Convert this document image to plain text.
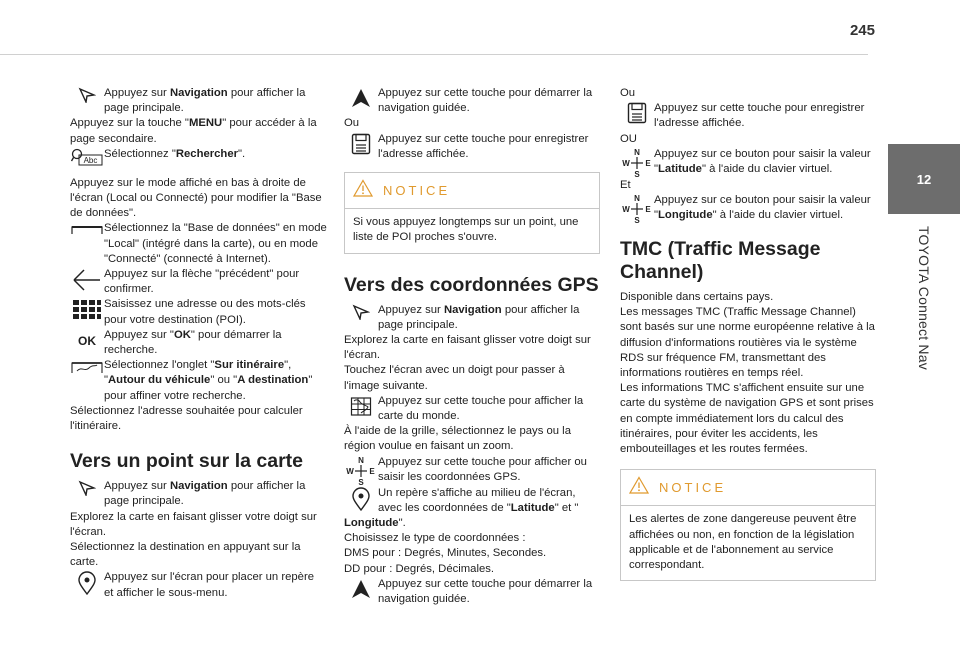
245
12
TOYOTA Connect Nav

Appuyez sur Navigation pour afficher la page principale.

Appuyez sur la touche "MENU" pour accéder à la page secondaire.

Abc

Sélectionnez "Rechercher".

Appuyez sur le mode affiché en bas à droite de l'écran (Local ou Connecté) pour modifier la "Base de données".

Sélectionnez la "Base de données" en mode "Local" (intégré dans la carte), ou en mode "Connecté" (connecté à Internet).

Appuyez sur la flèche "précédent" pour confirmer.

Saisissez une adresse ou des mots-clés pour votre destination (POI).

OK Appuyez sur "OK" pour démarrer la recherche.

Sélectionnez l'onglet "Sur itinéraire", "Autour du véhicule" ou "A destination" pour affiner votre recherche.

Sélectionnez l'adresse souhaitée pour calculer l'itinéraire.

Vers un point sur la carte

Appuyez sur Navigation pour afficher la page principale.

Explorez la carte en faisant glisser votre doigt sur l'écran.

Sélectionnez la destination en appuyant sur la carte.

Appuyez sur l'écran pour placer un repère et afficher le sous-menu.

Appuyez sur cette touche pour démarrer la navigation guidée.

Ou

Appuyez sur cette touche pour enregistrer l'adresse affichée.

NOTICE
Si vous appuyez longtemps sur un point, une liste de POI proches s'ouvre.
Vers des coordonnées GPS

Appuyez sur Navigation pour afficher la page principale.

Explorez la carte en faisant glisser votre doigt sur l'écran.

Touchez l'écran avec un doigt pour passer à l'image suivante.

Appuyez sur cette touche pour afficher la carte du monde.

À l'aide de la grille, sélectionnez le pays ou la région voulue en faisant un zoom.

N
S
W E

Appuyez sur cette touche pour afficher ou saisir les coordonnées GPS.

Un repère s'affiche au milieu de l'écran, avec les coordonnées de "Latitude" et "

Longitude".

Choisissez le type de coordonnées :

DMS pour : Degrés, Minutes, Secondes.

DD pour : Degrés, Décimales.

Appuyez sur cette touche pour démarrer la navigation guidée.

Ou

Appuyez sur cette touche pour enregistrer l'adresse affichée.

OU

N
S
W E

Appuyez sur ce bouton pour saisir la valeur "Latitude" à l'aide du clavier virtuel.

Et

N
S
W E

Appuyez sur ce bouton pour saisir la valeur "Longitude" à l'aide du clavier virtuel.

TMC (Traffic Message Channel)

Disponible dans certains pays.

Les messages TMC (Traffic Message Channel) sont basés sur une norme européenne relative à la diffusion d'informations routières via le système RDS sur fréquence FM, transmettant des informations routières en temps réel.

Les informations TMC s'affichent ensuite sur une carte du système de navigation GPS et sont prises en compte immédiatement lors du calcul des itinéraires, pour éviter les accidents, les embouteillages et les routes fermées.

NOTICE
Les alertes de zone dangereuse peuvent être affichées ou non, en fonction de la législation applicable et de l'abonnement au service correspondant.
